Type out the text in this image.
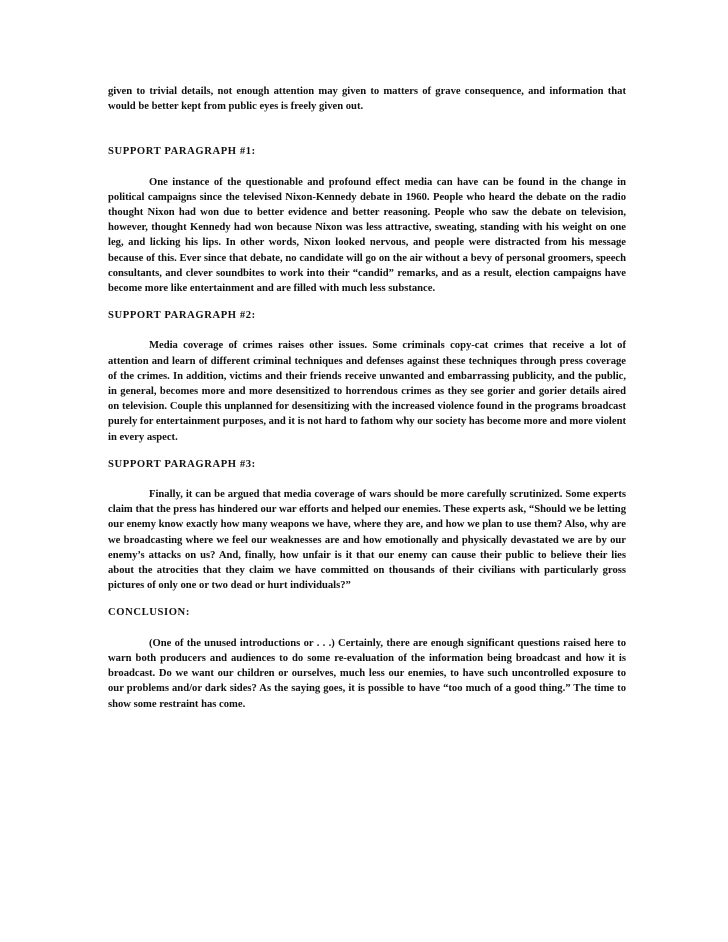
given to trivial details, not enough attention may given to matters of grave consequence, and information that would be better kept from public eyes is freely given out.

SUPPORT PARAGRAPH #1:

One instance of the questionable and profound effect media can have can be found in the change in political campaigns since the televised Nixon-Kennedy debate in 1960. People who heard the debate on the radio thought Nixon had won due to better evidence and better reasoning. People who saw the debate on television, however, thought Kennedy had won because Nixon was less attractive, sweating, standing with his weight on one leg, and licking his lips. In other words, Nixon looked nervous, and people were distracted from his message because of this. Ever since that debate, no candidate will go on the air without a bevy of personal groomers, speech consultants, and clever soundbites to work into their “candid” remarks, and as a result, election campaigns have become more like entertainment and are filled with much less substance.

SUPPORT PARAGRAPH #2:

Media coverage of crimes raises other issues. Some criminals copy-cat crimes that receive a lot of attention and learn of different criminal techniques and defenses against these techniques through press coverage of the crimes. In addition, victims and their friends receive unwanted and embarrassing publicity, and the public, in general, becomes more and more desensitized to horrendous crimes as they see gorier and gorier details aired on television. Couple this unplanned for desensitizing with the increased violence found in the programs broadcast purely for entertainment purposes, and it is not hard to fathom why our society has become more and more violent in every aspect.

SUPPORT PARAGRAPH #3:

Finally, it can be argued that media coverage of wars should be more carefully scrutinized. Some experts claim that the press has hindered our war efforts and helped our enemies. These experts ask, “Should we be letting our enemy know exactly how many weapons we have, where they are, and how we plan to use them? Also, why are we broadcasting where we feel our weaknesses are and how emotionally and physically devastated we are by our enemy’s attacks on us? And, finally, how unfair is it that our enemy can cause their public to believe their lies about the atrocities that they claim we have committed on thousands of their civilians with particularly gross pictures of only one or two dead or hurt individuals?”

CONCLUSION:

(One of the unused introductions or . . .) Certainly, there are enough significant questions raised here to warn both producers and audiences to do some re-evaluation of the information being broadcast and how it is broadcast. Do we want our children or ourselves, much less our enemies, to have such uncontrolled exposure to our problems and/or dark sides? As the saying goes, it is possible to have “too much of a good thing.” The time to show some restraint has come.
